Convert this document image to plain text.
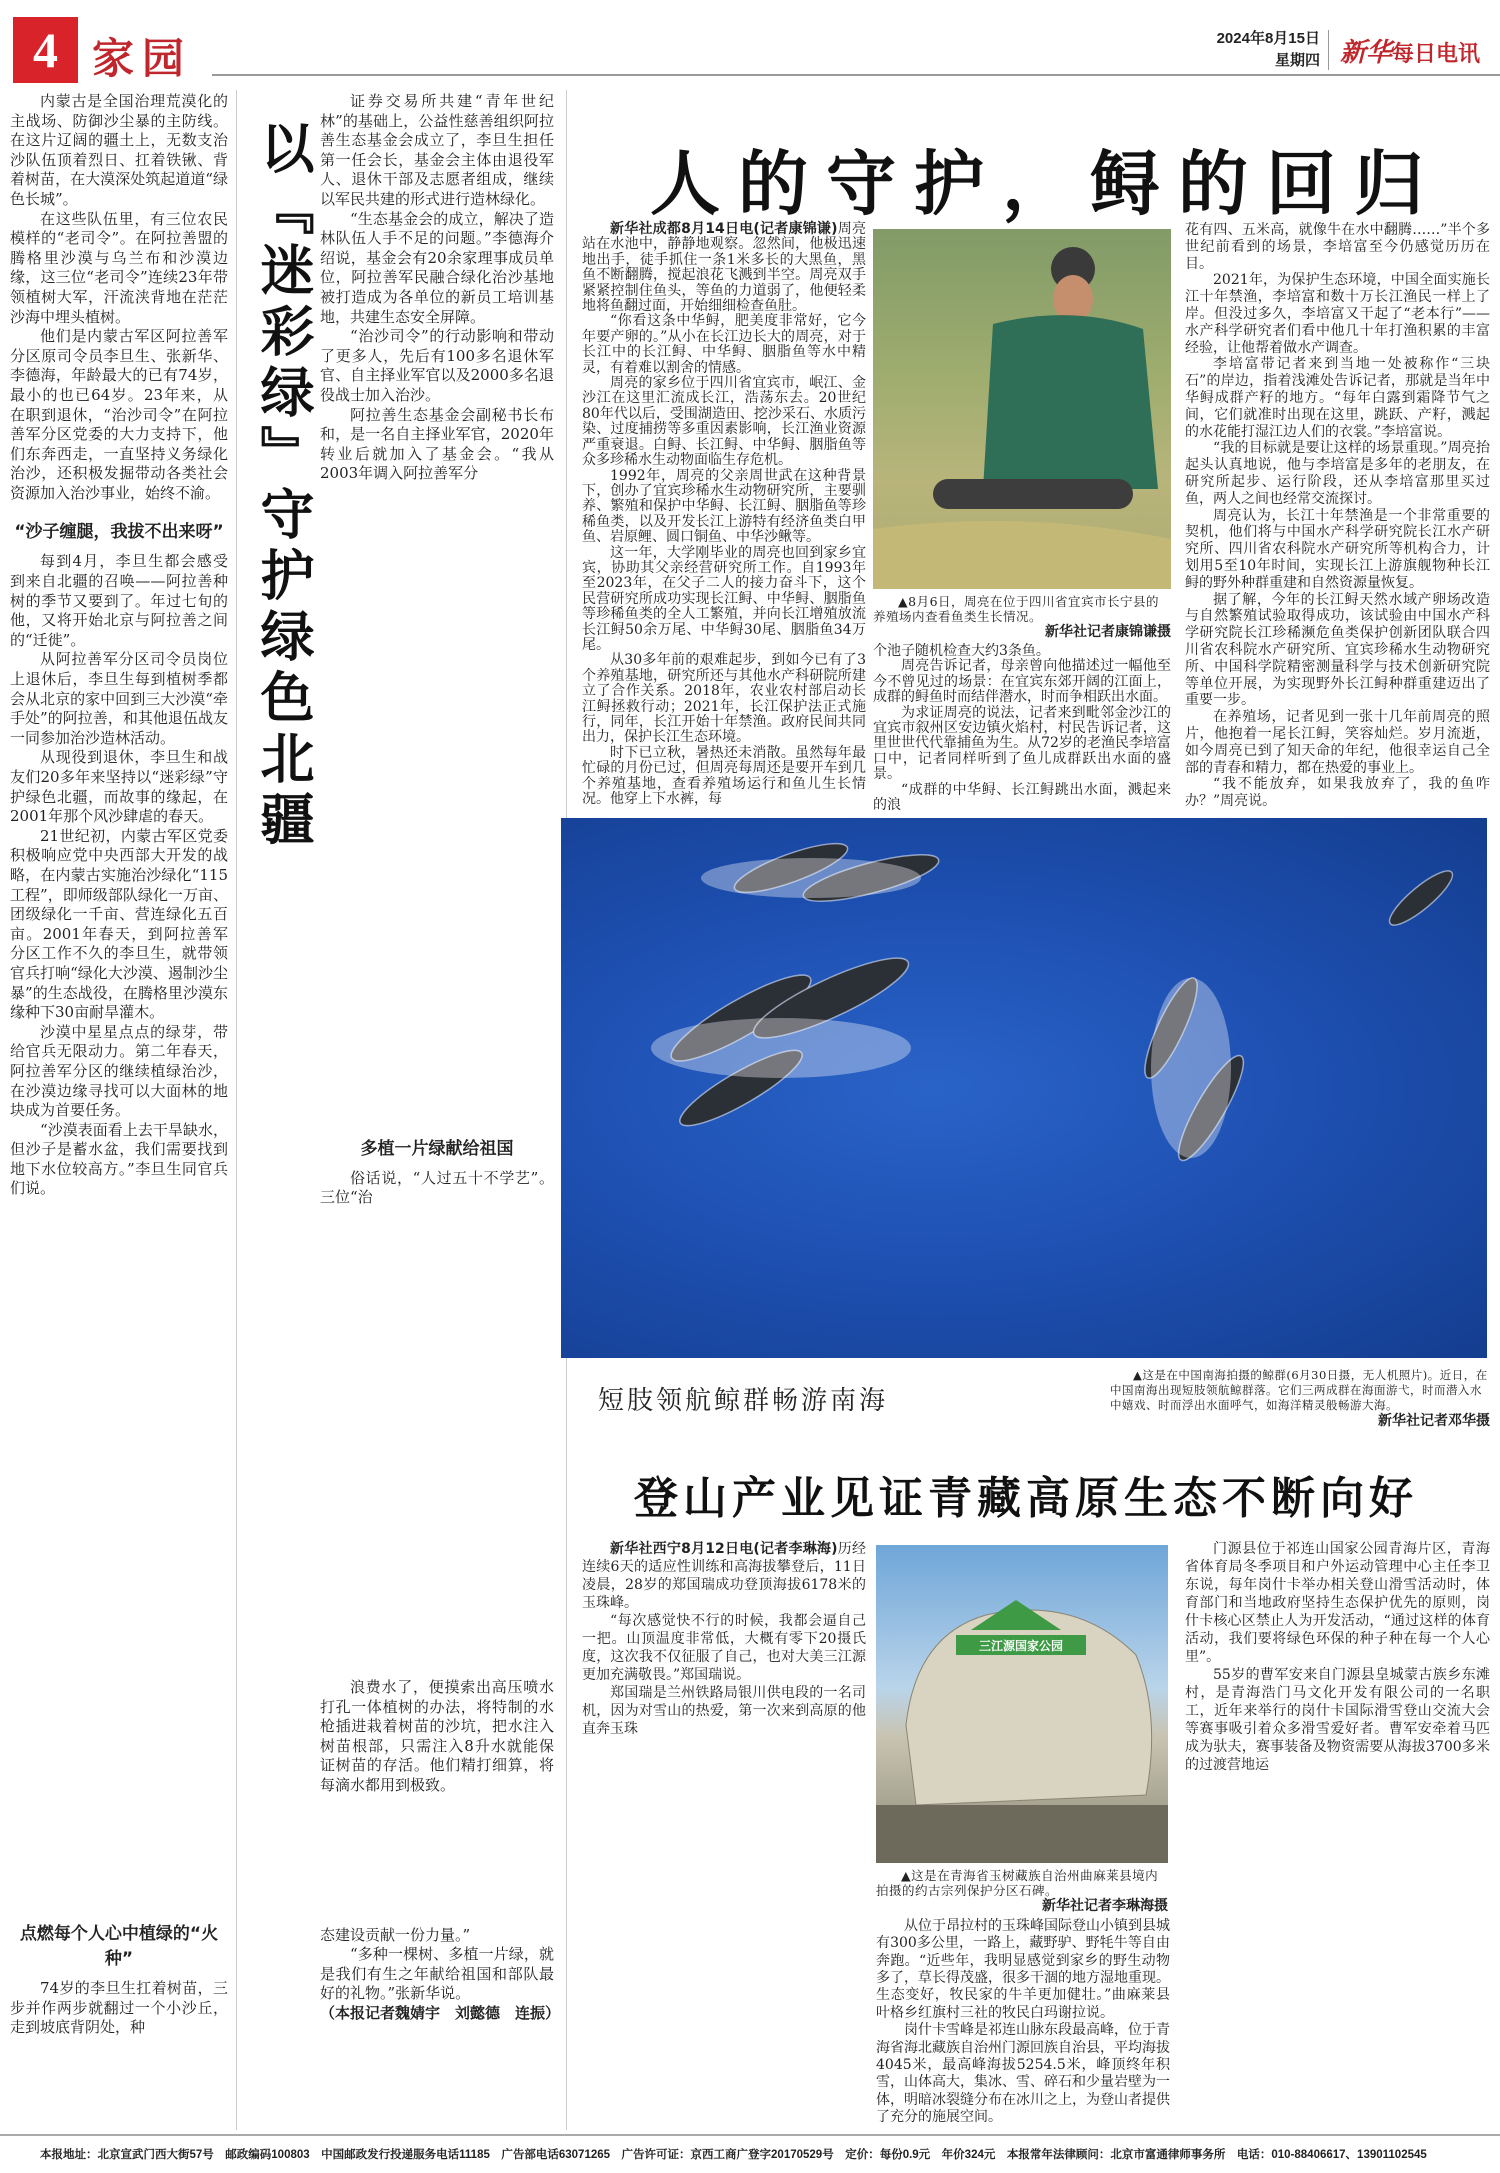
4 家园	2024年8月15日
星期四 新华每日电讯

内蒙古是全国治理荒漠化的主战场、防御沙尘暴的主防线。在这片辽阔的疆土上，无数支治沙队伍顶着烈日、扛着铁锹、背着树苗，在大漠深处筑起道道“绿色长城”。

在这些队伍里，有三位农民模样的“老司令”。在阿拉善盟的腾格里沙漠与乌兰布和沙漠边缘，这三位“老司令”连续23年带领植树大军，汗流浃背地在茫茫沙海中埋头植树。

他们是内蒙古军区阿拉善军分区原司令员李旦生、张新华、李德海，年龄最大的已有74岁，最小的也已64岁。23年来，从在职到退休，“治沙司令”在阿拉善军分区党委的大力支持下，他们东奔西走，一直坚持义务绿化治沙，还积极发掘带动各类社会资源加入治沙事业，始终不渝。

“沙子缠腿，我拔不出来呀”

每到4月，李旦生都会感受到来自北疆的召唤——阿拉善种树的季节又要到了。年过七旬的他，又将开始北京与阿拉善之间的“迁徙”。

从阿拉善军分区司令员岗位上退休后，李旦生每到植树季都会从北京的家中回到三大沙漠“牵手处”的阿拉善，和其他退伍战友一同参加治沙造林活动。

从现役到退休，李旦生和战友们20多年来坚持以“迷彩绿”守护绿色北疆，而故事的缘起，在2001年那个风沙肆虐的春天。

21世纪初，内蒙古军区党委积极响应党中央西部大开发的战略，在内蒙古实施治沙绿化“115工程”，即师级部队绿化一万亩、团级绿化一千亩、营连绿化五百亩。2001年春天，到阿拉善军分区工作不久的李旦生，就带领官兵打响“绿化大沙漠、遏制沙尘暴”的生态战役，在腾格里沙漠东缘种下30亩耐旱灌木。

沙漠中星星点点的绿芽，带给官兵无限动力。第二年春天，阿拉善军分区的继续植绿治沙，在沙漠边缘寻找可以大面林的地块成为首要任务。

“沙漠表面看上去干旱缺水，但沙子是蓄水盆，我们需要找到地下水位较高方。”李旦生同官兵们说。

点燃每个人心中植绿的“火种”

74岁的李旦生扛着树苗，三步并作两步就翻过一个小沙丘，走到坡底背阴处，种

以『迷彩绿』守护绿色北疆

证券交易所共建“青年世纪林”的基础上，公益性慈善组织阿拉善生态基金会成立了，李旦生担任第一任会长，基金会主体由退役军人、退休干部及志愿者组成，继续以军民共建的形式进行造林绿化。

“生态基金会的成立，解决了造林队伍人手不足的问题。”李德海介绍说，基金会有20余家理事成员单位，阿拉善军民融合绿化治沙基地被打造成为各单位的新员工培训基地，共建生态安全屏障。

“治沙司令”的行动影响和带动了更多人，先后有100多名退休军官、自主择业军官以及2000多名退役战士加入治沙。

阿拉善生态基金会副秘书长布和，是一名自主择业军官，2020年转业后就加入了基金会。“我从2003年调入阿拉善军分

多植一片绿献给祖国

俗话说，“人过五十不学艺”。三位“治

浪费水了，便摸索出高压喷水打孔一体植树的办法，将特制的水枪插进栽着树苗的沙坑，把水注入树苗根部，只需注入8升水就能保证树苗的存活。他们精打细算，将每滴水都用到极致。

态建设贡献一份力量。”

“多种一棵树、多植一片绿，就是我们有生之年献给祖国和部队最好的礼物。”张新华说。

（本报记者魏婧宇　刘懿德　连振）
人的守护，鲟的回归

新华社成都8月14日电(记者康锦谦)周亮站在水池中，静静地观察。忽然间，他极迅速地出手，徒手抓住一条1米多长的大黑鱼，黑鱼不断翻腾，搅起浪花飞溅到半空。周亮双手紧紧控制住鱼头，等鱼的力道弱了，他便轻柔地将鱼翻过面，开始细细检查鱼肚。

“你看这条中华鲟，肥美度非常好，它今年要产卵的。”从小在长江边长大的周亮，对于长江中的长江鲟、中华鲟、胭脂鱼等水中精灵，有着难以割舍的情感。

周亮的家乡位于四川省宜宾市，岷江、金沙江在这里汇流成长江，浩荡东去。20世纪80年代以后，受围湖造田、挖沙采石、水质污染、过度捕捞等多重因素影响，长江渔业资源严重衰退。白鲟、长江鲟、中华鲟、胭脂鱼等众多珍稀水生动物面临生存危机。

1992年，周亮的父亲周世武在这种背景下，创办了宜宾珍稀水生动物研究所，主要驯养、繁殖和保护中华鲟、长江鲟、胭脂鱼等珍稀鱼类，以及开发长江上游特有经济鱼类白甲鱼、岩原鲤、圆口铜鱼、中华沙鳅等。

这一年，大学刚毕业的周亮也回到家乡宜宾，协助其父亲经营研究所工作。自1993年至2023年，在父子二人的接力奋斗下，这个民营研究所成功实现长江鲟、中华鲟、胭脂鱼等珍稀鱼类的全人工繁殖，并向长江增殖放流长江鲟50余万尾、中华鲟30尾、胭脂鱼34万尾。

从30多年前的艰难起步，到如今已有了3个养殖基地，研究所还与其他水产科研院所建立了合作关系。2018年，农业农村部启动长江鲟拯救行动；2021年，长江保护法正式施行，同年，长江开始十年禁渔。政府民间共同出力，保护长江生态环境。

时下已立秋，暑热还未消散。虽然每年最忙碌的月份已过，但周亮每周还是要开车到几个养殖基地，查看养殖场运行和鱼儿生长情况。他穿上下水裤，每

▲8月6日，周亮在位于四川省宜宾市长宁县的养殖场内查看鱼类生长情况。
新华社记者康锦谦摄

个池子随机检查大约3条鱼。

周亮告诉记者，母亲曾向他描述过一幅他至今不曾见过的场景：在宜宾东郊开阔的江面上，成群的鲟鱼时而结伴潜水，时而争相跃出水面。

为求证周亮的说法，记者来到毗邻金沙江的宜宾市叙州区安边镇火焰村，村民告诉记者，这里世世代代靠捕鱼为生。从72岁的老渔民李培富口中，记者同样听到了鱼儿成群跃出水面的盛景。

“成群的中华鲟、长江鲟跳出水面，溅起来的浪

花有四、五米高，就像牛在水中翻腾……”半个多世纪前看到的场景，李培富至今仍感觉历历在目。

2021年，为保护生态环境，中国全面实施长江十年禁渔，李培富和数十万长江渔民一样上了岸。但没过多久，李培富又干起了“老本行”——水产科学研究者们看中他几十年打渔积累的丰富经验，让他帮着做水产调查。

李培富带记者来到当地一处被称作“三块石”的岸边，指着浅滩处告诉记者，那就是当年中华鲟成群产籽的地方。“每年白露到霜降节气之间，它们就准时出现在这里，跳跃、产籽，溅起的水花能打湿江边人们的衣裳。”李培富说。

“我的目标就是要让这样的场景重现。”周亮抬起头认真地说，他与李培富是多年的老朋友，在研究所起步、运行阶段，还从李培富那里买过鱼，两人之间也经常交流探讨。

周亮认为，长江十年禁渔是一个非常重要的契机，他们将与中国水产科学研究院长江水产研究所、四川省农科院水产研究所等机构合力，计划用5至10年时间，实现长江上游旗舰物种长江鲟的野外种群重建和自然资源量恢复。

据了解，今年的长江鲟天然水域产卵场改造与自然繁殖试验取得成功，该试验由中国水产科学研究院长江珍稀濒危鱼类保护创新团队联合四川省农科院水产研究所、宜宾珍稀水生动物研究所、中国科学院精密测量科学与技术创新研究院等单位开展，为实现野外长江鲟种群重建迈出了重要一步。

在养殖场，记者见到一张十几年前周亮的照片，他抱着一尾长江鲟，笑容灿烂。岁月流逝，如今周亮已到了知天命的年纪，他很幸运自己全部的青春和精力，都在热爱的事业上。

“我不能放弃，如果我放弃了，我的鱼咋办？”周亮说。

短肢领航鲸群畅游南海
▲这是在中国南海拍摄的鲸群(6月30日摄，无人机照片)。近日，在中国南海出现短肢领航鲸群落。它们三两成群在海面游弋，时而潜入水中嬉戏、时而浮出水面呼气，如海洋精灵般畅游大海。
新华社记者邓华摄
登山产业见证青藏高原生态不断向好

新华社西宁8月12日电(记者李琳海)历经连续6天的适应性训练和高海拔攀登后，11日凌晨，28岁的郑国瑞成功登顶海拔6178米的玉珠峰。

“每次感觉快不行的时候，我都会逼自己一把。山顶温度非常低，大概有零下20摄氏度，这次我不仅征服了自己，也对大美三江源更加充满敬畏。”郑国瑞说。

郑国瑞是兰州铁路局银川供电段的一名司机，因为对雪山的热爱，第一次来到高原的他直奔玉珠

三江源国家公园
▲这是在青海省玉树藏族自治州曲麻莱县境内拍摄的约古宗列保护分区石碑。
新华社记者李琳海摄

从位于昂拉村的玉珠峰国际登山小镇到县城有300多公里，一路上，藏野驴、野牦牛等自由奔跑。“近些年，我明显感觉到家乡的野生动物多了，草长得茂盛，很多干涸的地方湿地重现。生态变好，牧民家的牛羊更加健壮。”曲麻莱县叶格乡红旗村三社的牧民白玛谢拉说。

岗什卡雪峰是祁连山脉东段最高峰，位于青海省海北藏族自治州门源回族自治县，平均海拔4045米，最高峰海拔5254.5米，峰顶终年积雪，山体高大，集冰、雪、碎石和少量岩壁为一体，明暗冰裂缝分布在冰川之上，为登山者提供了充分的施展空间。

门源县位于祁连山国家公园青海片区，青海省体育局冬季项目和户外运动管理中心主任李卫东说，每年岗什卡举办相关登山滑雪活动时，体育部门和当地政府坚持生态保护优先的原则，岗什卡核心区禁止人为开发活动，“通过这样的体育活动，我们要将绿色环保的种子种在每一个人心里”。

55岁的曹军安来自门源县皇城蒙古族乡东滩村，是青海浩门马文化开发有限公司的一名职工，近年来举行的岗什卡国际滑雪登山交流大会等赛事吸引着众多滑雪爱好者。曹军安牵着马匹成为驮夫，赛事装备及物资需要从海拔3700多米的过渡营地运

本报地址：北京宣武门西大街57号　邮政编码100803　中国邮政发行投递服务电话11185　广告部电话63071265　广告许可证：京西工商广登字20170529号　定价：每份0.9元　年价324元　本报常年法律顾问：北京市富通律师事务所　电话：010-88406617、13901102545
